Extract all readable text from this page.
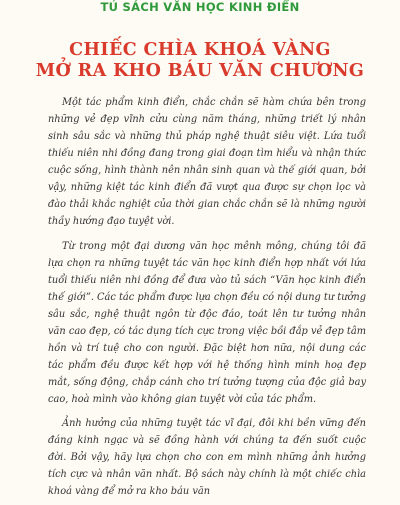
TỦ SÁCH VĂN HỌC KINH ĐIỂN
CHIẾC CHÌA KHOÁ VÀNG
MỞ RA KHO BÁU VĂN CHƯƠNG

Một tác phẩm kinh điển, chắc chắn sẽ hàm chứa bên trong những vẻ đẹp vĩnh cửu cùng năm tháng, những triết lý nhân sinh sâu sắc và những thủ pháp nghệ thuật siêu việt. Lứa tuổi thiếu niên nhi đồng đang trong giai đoạn tìm hiểu và nhận thức cuộc sống, hình thành nên nhân sinh quan và thế giới quan, bởi vậy, những kiệt tác kinh điển đã vượt qua được sự chọn lọc và đào thải khắc nghiệt của thời gian chắc chắn sẽ là những người thầy hướng đạo tuyệt vời.

Từ trong một đại dương văn học mênh mông, chúng tôi đã lựa chọn ra những tuyệt tác văn học kinh điển hợp nhất với lứa tuổi thiếu niên nhi đồng để đưa vào tủ sách “Văn học kinh điển thế giới”. Các tác phẩm được lựa chọn đều có nội dung tư tưởng sâu sắc, nghệ thuật ngôn từ độc đáo, toát lên tư tưởng nhân văn cao đẹp, có tác dụng tích cực trong việc bồi đắp vẻ đẹp tâm hồn và trí tuệ cho con người. Đặc biệt hơn nữa, nội dung các tác phẩm đều được kết hợp với hệ thống hình minh hoạ đẹp mắt, sống động, chắp cánh cho trí tưởng tượng của độc giả bay cao, hoà mình vào không gian tuyệt vời của tác phẩm.

Ảnh hưởng của những tuyệt tác vĩ đại, đôi khi bền vững đến đáng kinh ngạc và sẽ đồng hành với chúng ta đến suốt cuộc đời. Bởi vậy, hãy lựa chọn cho con em mình những ảnh hưởng tích cực và nhân văn nhất. Bộ sách này chính là một chiếc chìa khoá vàng để mở ra kho báu văn
